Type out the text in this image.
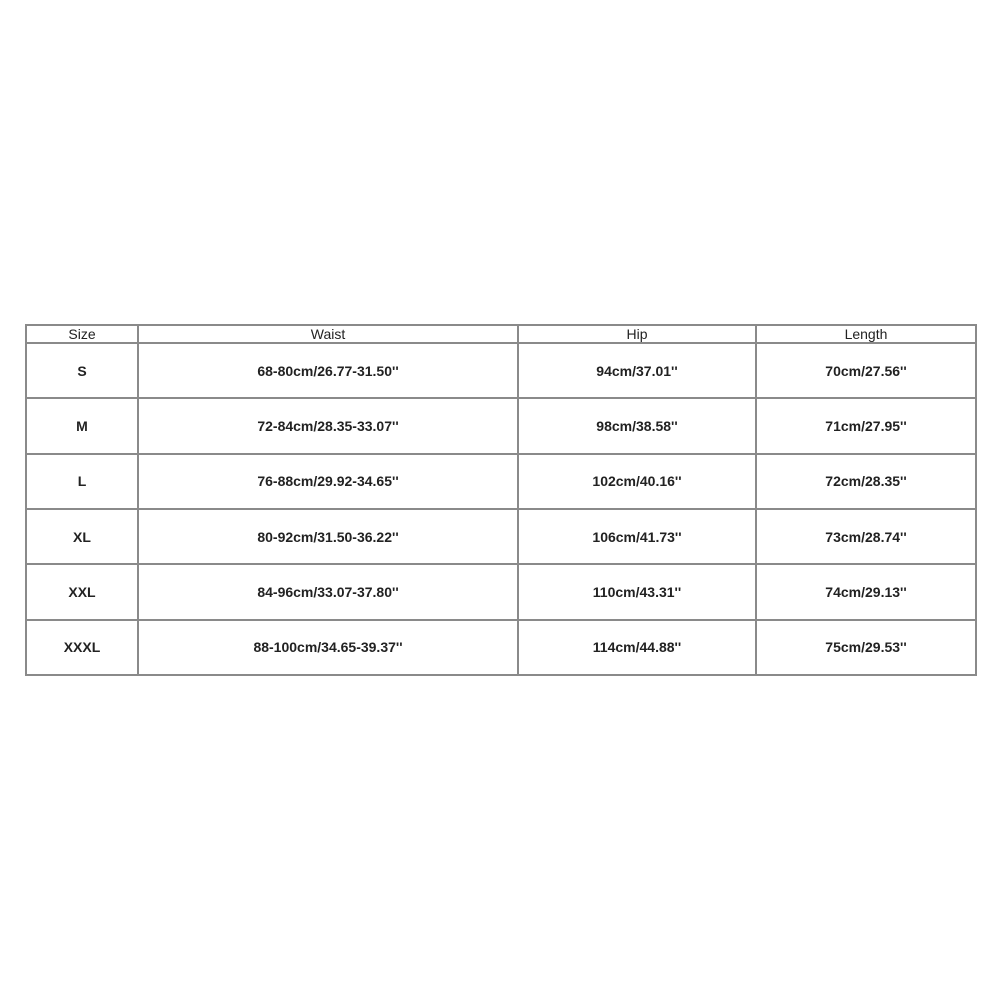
Size	Waist	Hip	Length
S	68-80cm/26.77-31.50''	94cm/37.01''	70cm/27.56''
M	72-84cm/28.35-33.07''	98cm/38.58''	71cm/27.95''
L	76-88cm/29.92-34.65''	102cm/40.16''	72cm/28.35''
XL	80-92cm/31.50-36.22''	106cm/41.73''	73cm/28.74''
XXL	84-96cm/33.07-37.80''	110cm/43.31''	74cm/29.13''
XXXL	88-100cm/34.65-39.37''	114cm/44.88''	75cm/29.53''
